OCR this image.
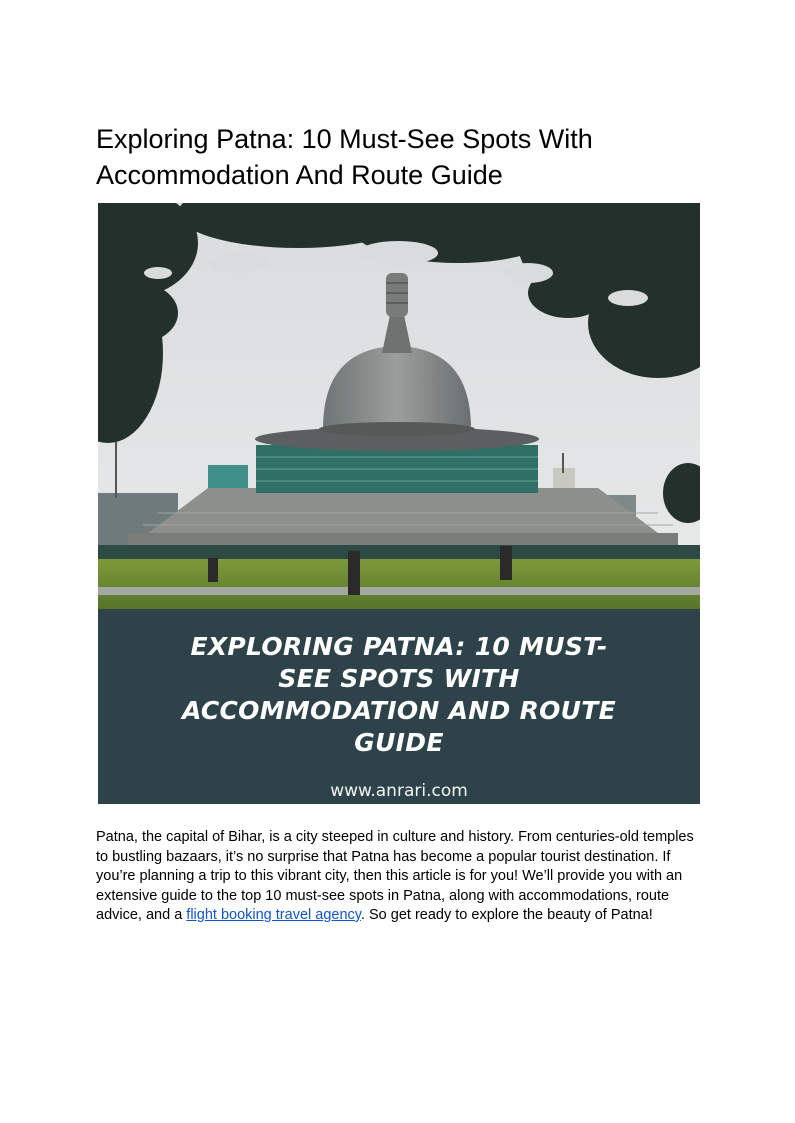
Exploring Patna: 10 Must-See Spots With Accommodation And Route Guide
EXPLORING PATNA: 10 MUST-SEE SPOTS WITH ACCOMMODATION AND ROUTE GUIDE
www.anrari.com

Patna, the capital of Bihar, is a city steeped in culture and history. From centuries-old temples to bustling bazaars, it’s no surprise that Patna has become a popular tourist destination. If you’re planning a trip to this vibrant city, then this article is for you! We’ll provide you with an extensive guide to the top 10 must-see spots in Patna, along with accommodations, route advice, and a flight booking travel agency. So get ready to explore the beauty of Patna!
